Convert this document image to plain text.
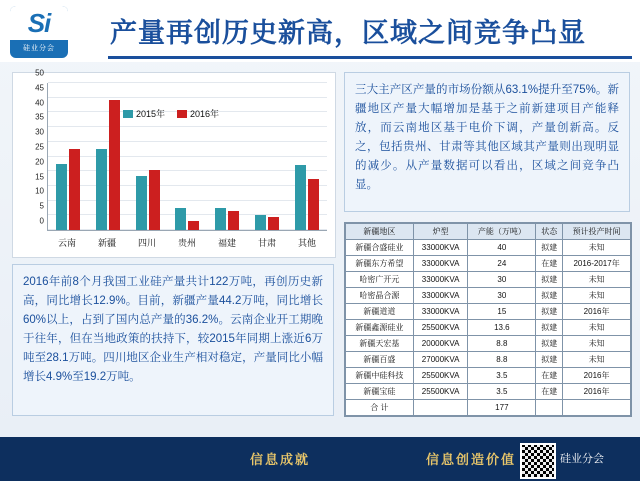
Si
硅业分会
产量再创历史新高，区域之间竞争凸显
0
5
10
15
20
25
30
35
40
45
50
云南	新疆	四川	贵州	福建	甘肃	其他
2015年	2016年
三大主产区产量的市场份额从63.1%提升至75%。新疆地区产量大幅增加是基于之前新建项目产能释放，而云南地区基于电价下调，产量创新高。反之，包括贵州、甘肃等其他区域其产量则出现明显的减少。从产量数据可以看出，区域之间竞争凸显。
2016年前8个月我国工业硅产量共计122万吨，再创历史新高，同比增长12.9%。目前，新疆产量44.2万吨，同比增长60%以上，占到了国内总产量的36.2%。云南企业开工期晚于往年，但在当地政策的扶持下，较2015年同期上涨近6万吨至28.1万吨。四川地区企业生产相对稳定，产量同比小幅增长4.9%至19.2万吨。
新疆地区	炉型	产能（万吨）	状态	预计投产时间
新疆合盛硅业	33000KVA	40	拟建	未知
新疆东方希望	33000KVA	24	在建	2016-2017年
哈密广开元	33000KVA	30	拟建	未知
哈密晶合源	33000KVA	30	拟建	未知
新疆道道	33000KVA	15	拟建	2016年
新疆鑫源硅业	25500KVA	13.6	拟建	未知
新疆天宏基	20000KVA	8.8	拟建	未知
新疆百盛	27000KVA	8.8	拟建	未知
新疆中硅科技	25500KVA	3.5	在建	2016年
新疆宝硅	25500KVA	3.5	在建	2016年
合 计		177		
信息成就	信息创造价值	硅业分会
